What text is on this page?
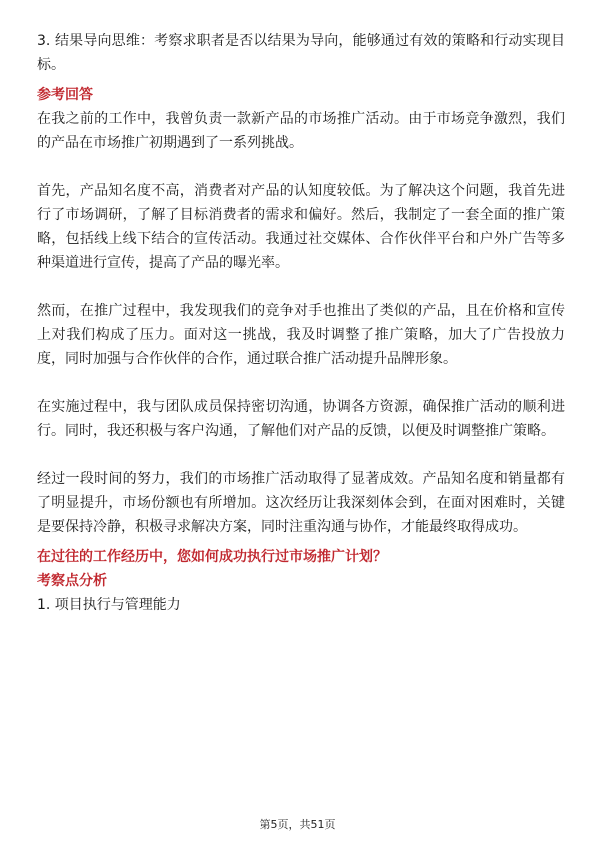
3. 结果导向思维：考察求职者是否以结果为导向，能够通过有效的策略和行动实现目标。

参考回答

在我之前的工作中，我曾负责一款新产品的市场推广活动。由于市场竞争激烈，我们的产品在市场推广初期遇到了一系列挑战。

首先，产品知名度不高，消费者对产品的认知度较低。为了解决这个问题，我首先进行了市场调研，了解了目标消费者的需求和偏好。然后，我制定了一套全面的推广策略，包括线上线下结合的宣传活动。我通过社交媒体、合作伙伴平台和户外广告等多种渠道进行宣传，提高了产品的曝光率。

然而，在推广过程中，我发现我们的竞争对手也推出了类似的产品，且在价格和宣传上对我们构成了压力。面对这一挑战，我及时调整了推广策略，加大了广告投放力度，同时加强与合作伙伴的合作，通过联合推广活动提升品牌形象。

在实施过程中，我与团队成员保持密切沟通，协调各方资源，确保推广活动的顺利进行。同时，我还积极与客户沟通，了解他们对产品的反馈，以便及时调整推广策略。

经过一段时间的努力，我们的市场推广活动取得了显著成效。产品知名度和销量都有了明显提升，市场份额也有所增加。这次经历让我深刻体会到，在面对困难时，关键是要保持冷静，积极寻求解决方案，同时注重沟通与协作，才能最终取得成功。

在过往的工作经历中，您如何成功执行过市场推广计划？

考察点分析

1. 项目执行与管理能力

第5页，共51页
